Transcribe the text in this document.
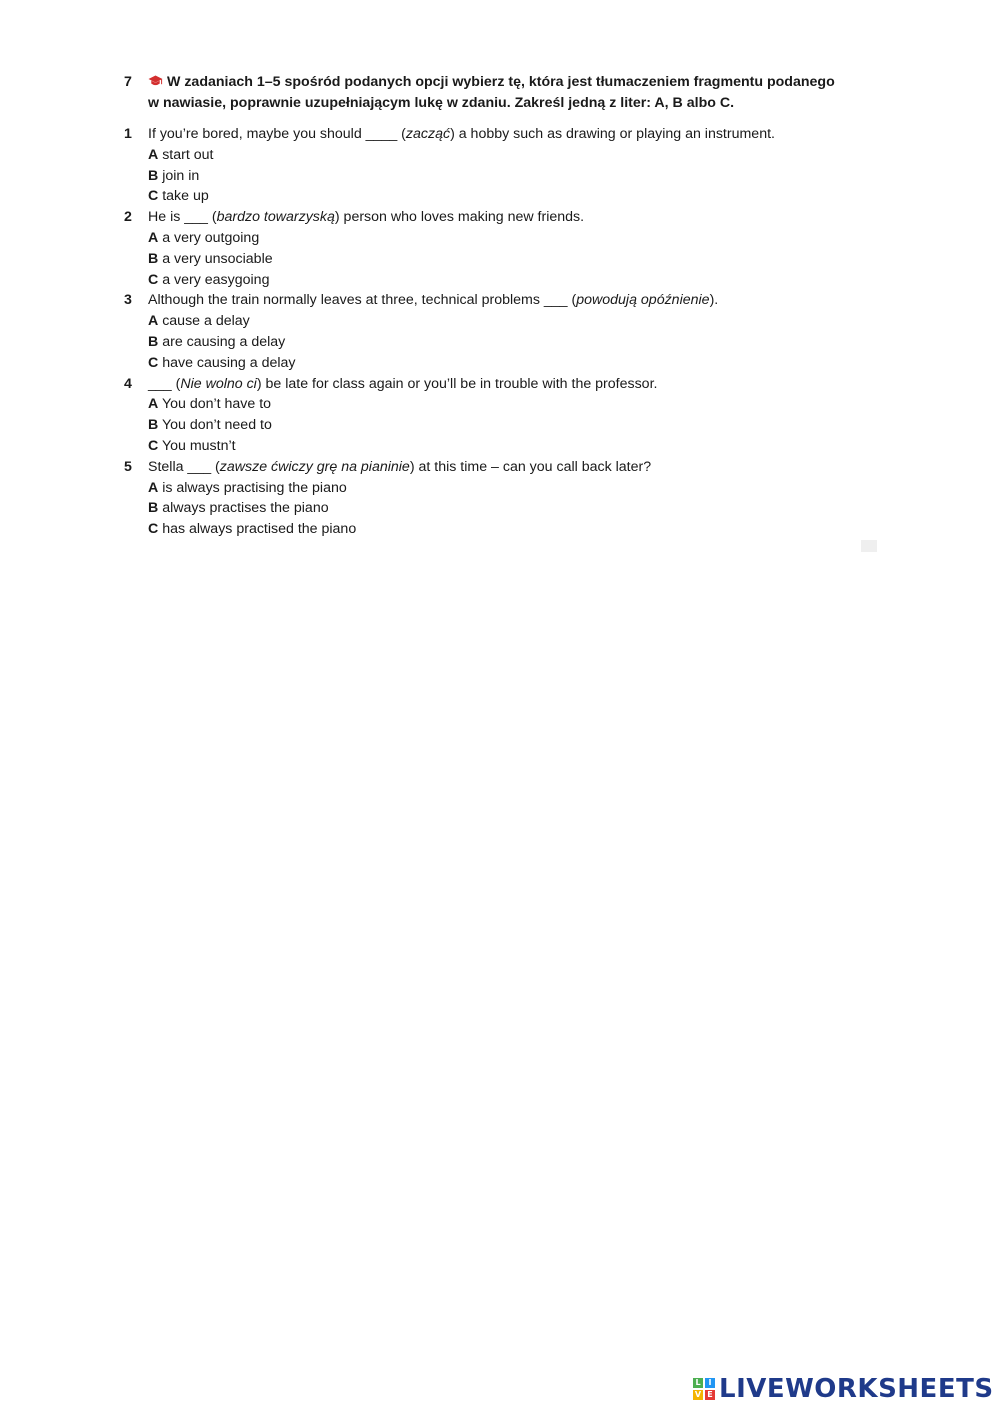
7	W zadaniach 1–5 spośród podanych opcji wybierz tę, która jest tłumaczeniem fragmentu podanego
w nawiasie, poprawnie uzupełniającym lukę w zdaniu. Zakreśl jedną z liter: A, B albo C.
1 If you’re bored, maybe you should ____ (zacząć) a hobby such as drawing or playing an instrument.
A start out
B join in
C take up
2 He is ___ (bardzo towarzyską) person who loves making new friends.
A a very outgoing
B a very unsociable
C a very easygoing
3 Although the train normally leaves at three, technical problems ___ (powodują opóźnienie).
A cause a delay
B are causing a delay
C have causing a delay
4 ___ (Nie wolno ci) be late for class again or you’ll be in trouble with the professor.
A You don’t have to
B You don’t need to
C You mustn’t
5 Stella ___ (zawsze ćwiczy grę na pianinie) at this time – can you call back later?
A is always practising the piano
B always practises the piano
C has always practised the piano
L I
V E LIVEWORKSHEETS
